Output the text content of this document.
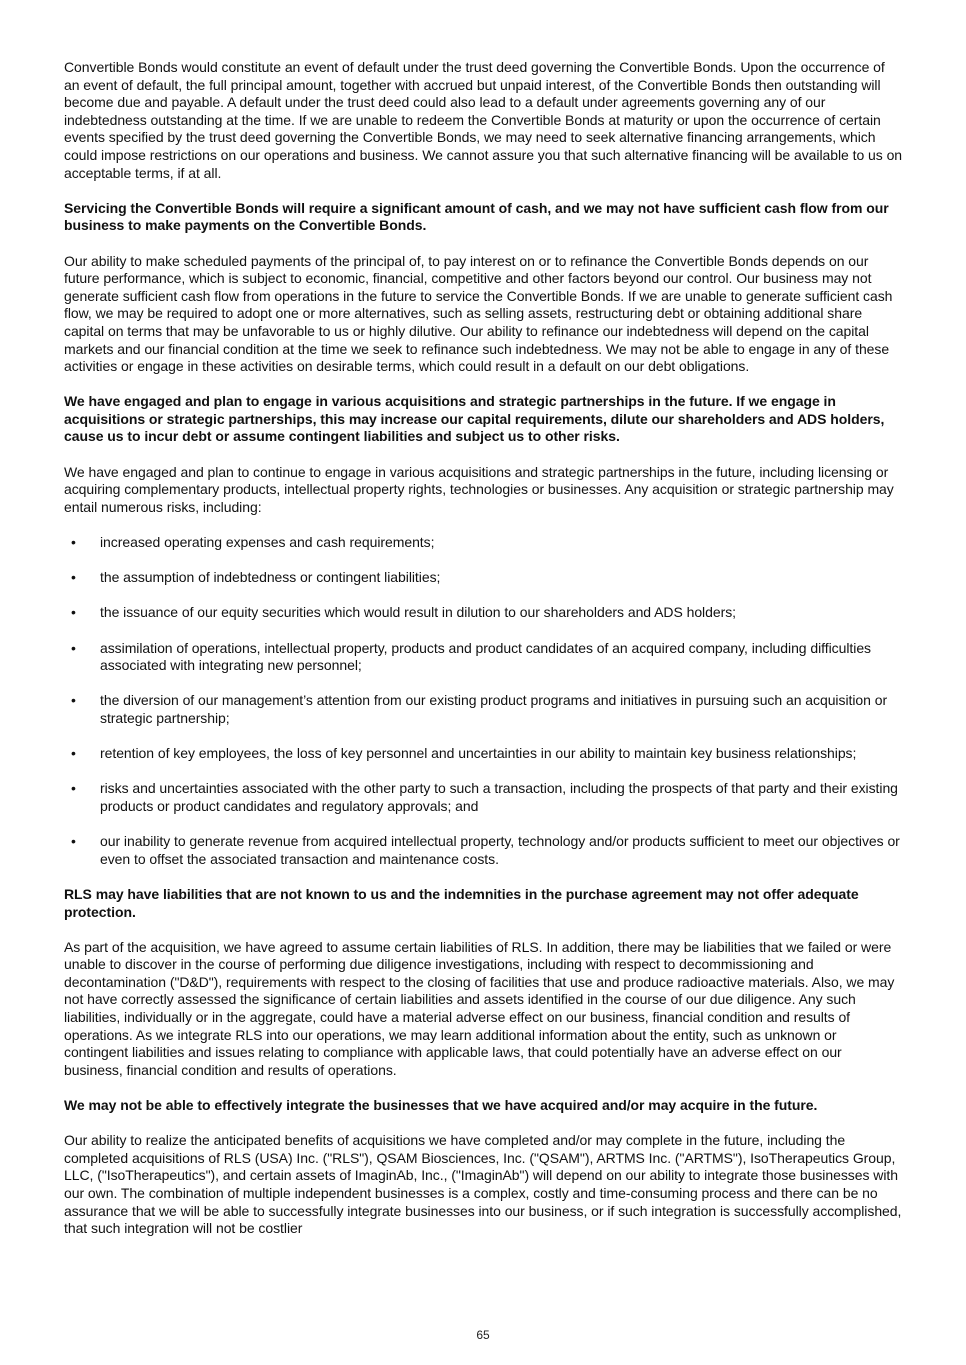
Convertible Bonds would constitute an event of default under the trust deed governing the Convertible Bonds. Upon the occurrence of an event of default, the full principal amount, together with accrued but unpaid interest, of the Convertible Bonds then outstanding will become due and payable. A default under the trust deed could also lead to a default under agreements governing any of our indebtedness outstanding at the time. If we are unable to redeem the Convertible Bonds at maturity or upon the occurrence of certain events specified by the trust deed governing the Convertible Bonds, we may need to seek alternative financing arrangements, which could impose restrictions on our operations and business. We cannot assure you that such alternative financing will be available to us on acceptable terms, if at all.

Servicing the Convertible Bonds will require a significant amount of cash, and we may not have sufficient cash flow from our business to make payments on the Convertible Bonds.

Our ability to make scheduled payments of the principal of, to pay interest on or to refinance the Convertible Bonds depends on our future performance, which is subject to economic, financial, competitive and other factors beyond our control. Our business may not generate sufficient cash flow from operations in the future to service the Convertible Bonds. If we are unable to generate sufficient cash flow, we may be required to adopt one or more alternatives, such as selling assets, restructuring debt or obtaining additional share capital on terms that may be unfavorable to us or highly dilutive. Our ability to refinance our indebtedness will depend on the capital markets and our financial condition at the time we seek to refinance such indebtedness. We may not be able to engage in any of these activities or engage in these activities on desirable terms, which could result in a default on our debt obligations.

We have engaged and plan to engage in various acquisitions and strategic partnerships in the future. If we engage in acquisitions or strategic partnerships, this may increase our capital requirements, dilute our shareholders and ADS holders, cause us to incur debt or assume contingent liabilities and subject us to other risks.

We have engaged and plan to continue to engage in various acquisitions and strategic partnerships in the future, including licensing or acquiring complementary products, intellectual property rights, technologies or businesses. Any acquisition or strategic partnership may entail numerous risks, including:

• increased operating expenses and cash requirements;
• the assumption of indebtedness or contingent liabilities;
• the issuance of our equity securities which would result in dilution to our shareholders and ADS holders;
• assimilation of operations, intellectual property, products and product candidates of an acquired company, including difficulties associated with integrating new personnel;
• the diversion of our management’s attention from our existing product programs and initiatives in pursuing such an acquisition or strategic partnership;
• retention of key employees, the loss of key personnel and uncertainties in our ability to maintain key business relationships;
• risks and uncertainties associated with the other party to such a transaction, including the prospects of that party and their existing products or product candidates and regulatory approvals; and
• our inability to generate revenue from acquired intellectual property, technology and/or products sufficient to meet our objectives or even to offset the associated transaction and maintenance costs.

RLS may have liabilities that are not known to us and the indemnities in the purchase agreement may not offer adequate protection.

As part of the acquisition, we have agreed to assume certain liabilities of RLS. In addition, there may be liabilities that we failed or were unable to discover in the course of performing due diligence investigations, including with respect to decommissioning and decontamination ("D&D"), requirements with respect to the closing of facilities that use and produce radioactive materials. Also, we may not have correctly assessed the significance of certain liabilities and assets identified in the course of our due diligence. Any such liabilities, individually or in the aggregate, could have a material adverse effect on our business, financial condition and results of operations. As we integrate RLS into our operations, we may learn additional information about the entity, such as unknown or contingent liabilities and issues relating to compliance with applicable laws, that could potentially have an adverse effect on our business, financial condition and results of operations.

We may not be able to effectively integrate the businesses that we have acquired and/or may acquire in the future.

Our ability to realize the anticipated benefits of acquisitions we have completed and/or may complete in the future, including the completed acquisitions of RLS (USA) Inc. ("RLS"), QSAM Biosciences, Inc. ("QSAM"), ARTMS Inc. ("ARTMS"), IsoTherapeutics Group, LLC, ("IsoTherapeutics"), and certain assets of ImaginAb, Inc., ("ImaginAb") will depend on our ability to integrate those businesses with our own. The combination of multiple independent businesses is a complex, costly and time-consuming process and there can be no assurance that we will be able to successfully integrate businesses into our business, or if such integration is successfully accomplished, that such integration will not be costlier

65
